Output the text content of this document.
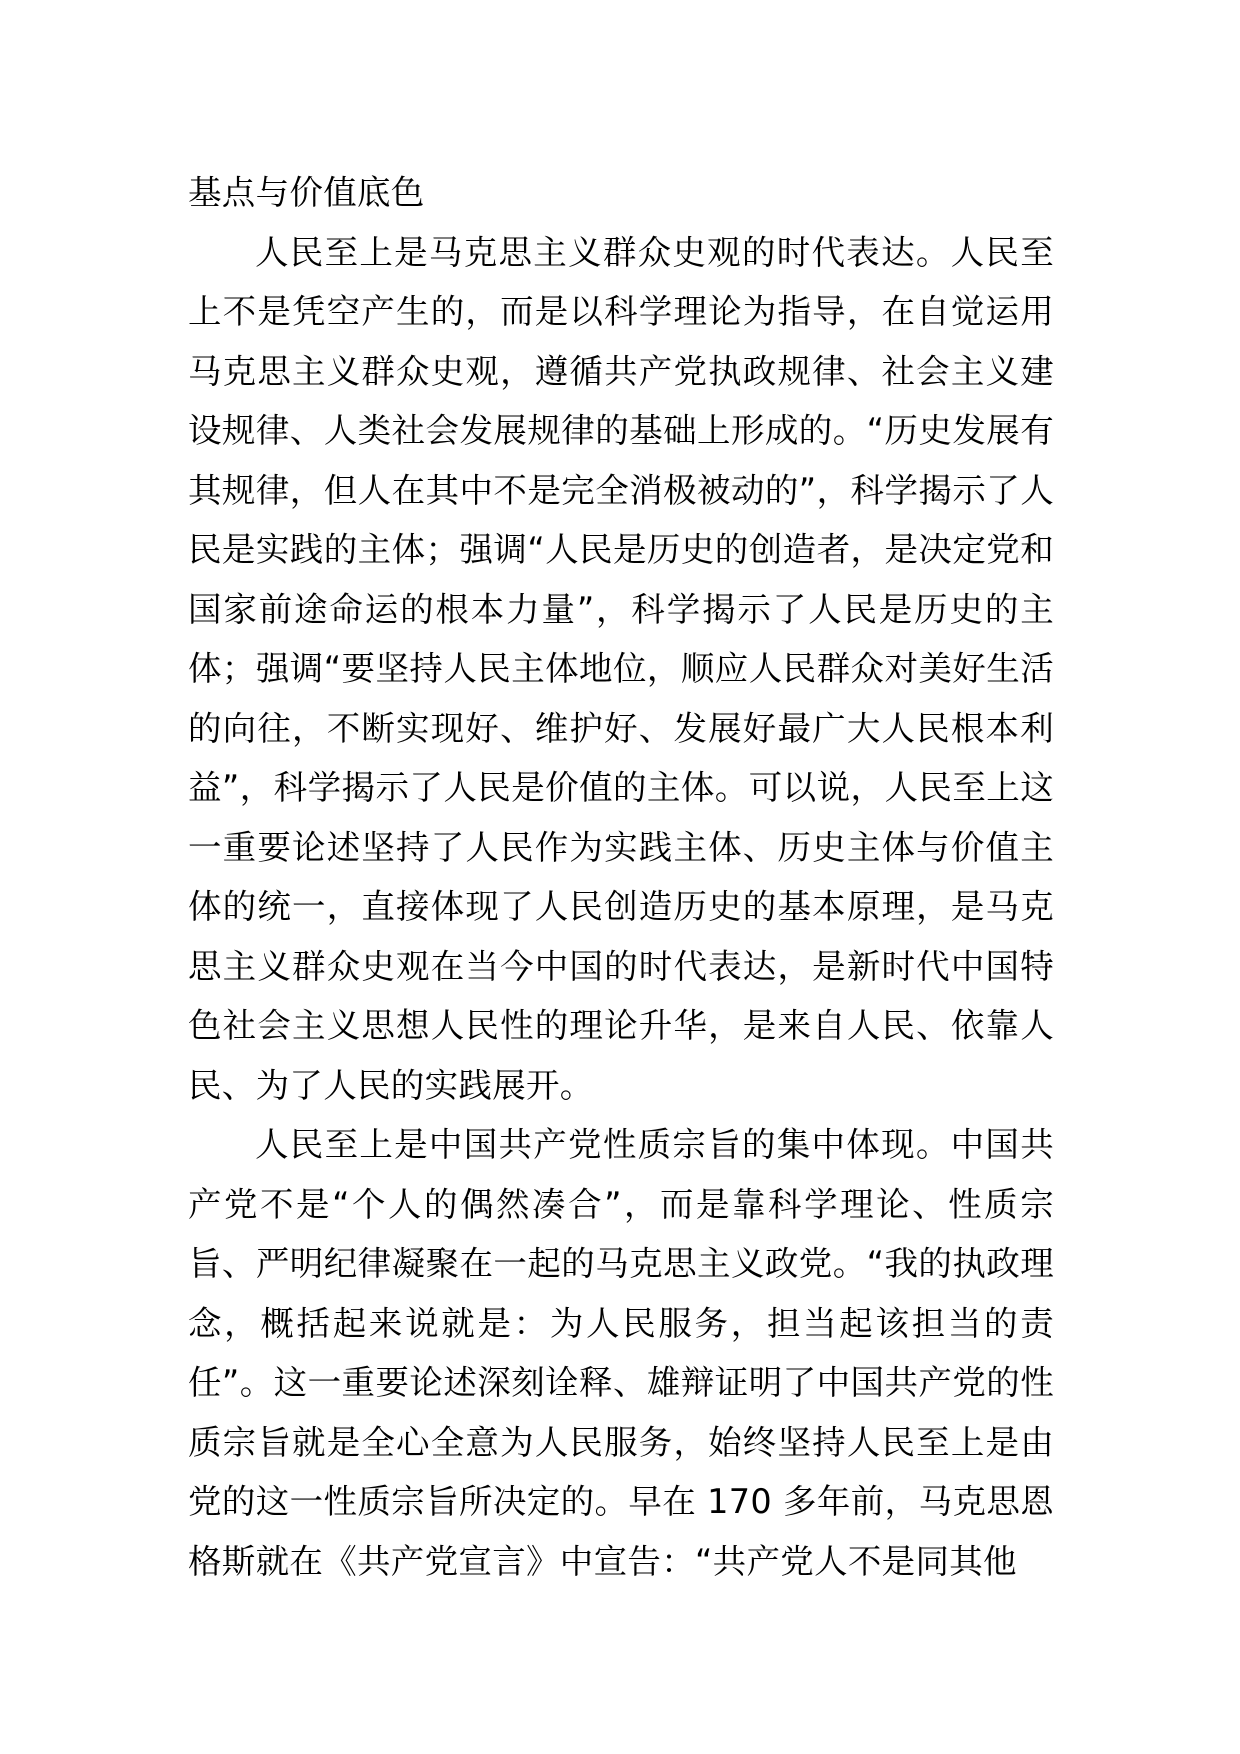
基点与价值底色

人民至上是马克思主义群众史观的时代表达。人民至上不是凭空产生的，而是以科学理论为指导，在自觉运用马克思主义群众史观，遵循共产党执政规律、社会主义建设规律、人类社会发展规律的基础上形成的。“历史发展有其规律，但人在其中不是完全消极被动的”，科学揭示了人民是实践的主体；强调“人民是历史的创造者，是决定党和国家前途命运的根本力量”，科学揭示了人民是历史的主体；强调“要坚持人民主体地位，顺应人民群众对美好生活的向往，不断实现好、维护好、发展好最广大人民根本利益”，科学揭示了人民是价值的主体。可以说，人民至上这一重要论述坚持了人民作为实践主体、历史主体与价值主体的统一，直接体现了人民创造历史的基本原理，是马克思主义群众史观在当今中国的时代表达，是新时代中国特色社会主义思想人民性的理论升华，是来自人民、依靠人民、为了人民的实践展开。

人民至上是中国共产党性质宗旨的集中体现。中国共产党不是“个人的偶然凑合”，而是靠科学理论、性质宗旨、严明纪律凝聚在一起的马克思主义政党。“我的执政理念，概括起来说就是：为人民服务，担当起该担当的责任”。这一重要论述深刻诠释、雄辩证明了中国共产党的性质宗旨就是全心全意为人民服务，始终坚持人民至上是由党的这一性质宗旨所决定的。早在 170 多年前，马克思恩格斯就在《共产党宣言》中宣告：“共产党人不是同其他
